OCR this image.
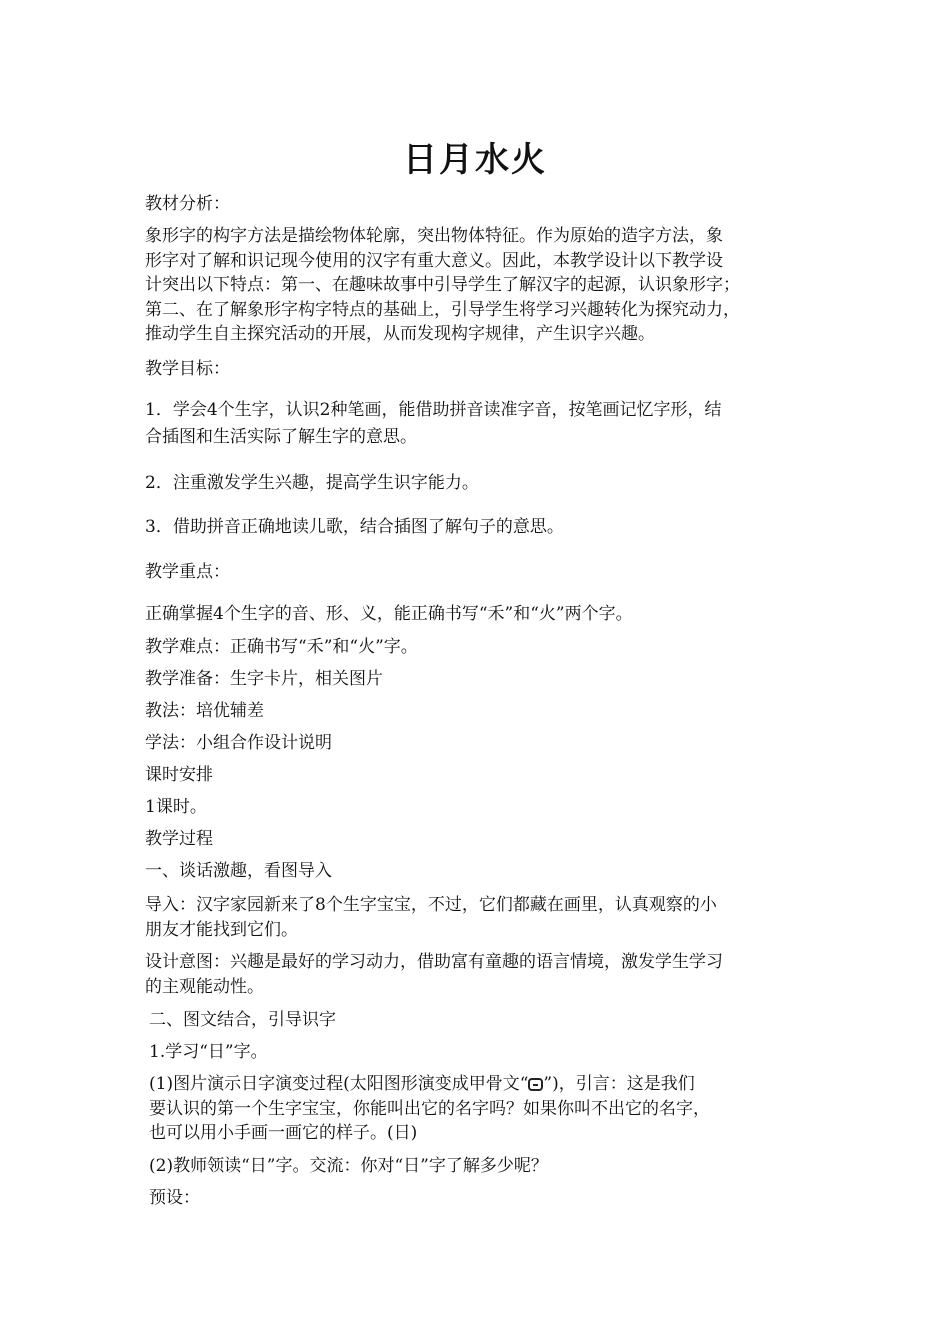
日月水火
教材分析：
象形字的构字方法是描绘物体轮廓，突出物体特征。作为原始的造字方法，象
形字对了解和识记现今使用的汉字有重大意义。因此，本教学设计以下教学设
计突出以下特点：第一、在趣味故事中引导学生了解汉字的起源，认识象形字；
第二、在了解象形字构字特点的基础上，引导学生将学习兴趣转化为探究动力，
推动学生自主探究活动的开展，从而发现构字规律，产生识字兴趣。
教学目标：
1．学会4个生字，认识2种笔画，能借助拼音读准字音，按笔画记忆字形，结
合插图和生活实际了解生字的意思。
2．注重激发学生兴趣，提高学生识字能力。
3．借助拼音正确地读儿歌，结合插图了解句子的意思。
教学重点：
正确掌握4个生字的音、形、义，能正确书写“禾”和“火”两个字。
教学难点：正确书写“禾”和“火”字。
教学准备：生字卡片，相关图片
教法：培优辅差
学法：小组合作设计说明
课时安排
1课时。
教学过程
一、谈话激趣，看图导入
导入：汉字家园新来了8个生字宝宝，不过，它们都藏在画里，认真观察的小
朋友才能找到它们。
设计意图：兴趣是最好的学习动力，借助富有童趣的语言情境，激发学生学习
的主观能动性。
二、图文结合，引导识字
1.学习“日”字。
(1)图片演示日字演变过程(太阳图形演变成甲骨文“ ”)，引言：这是我们
要认识的第一个生字宝宝，你能叫出它的名字吗？如果你叫不出它的名字，
也可以用小手画一画它的样子。(日)
(2)教师领读“日”字。交流：你对“日”字了解多少呢？
预设：
